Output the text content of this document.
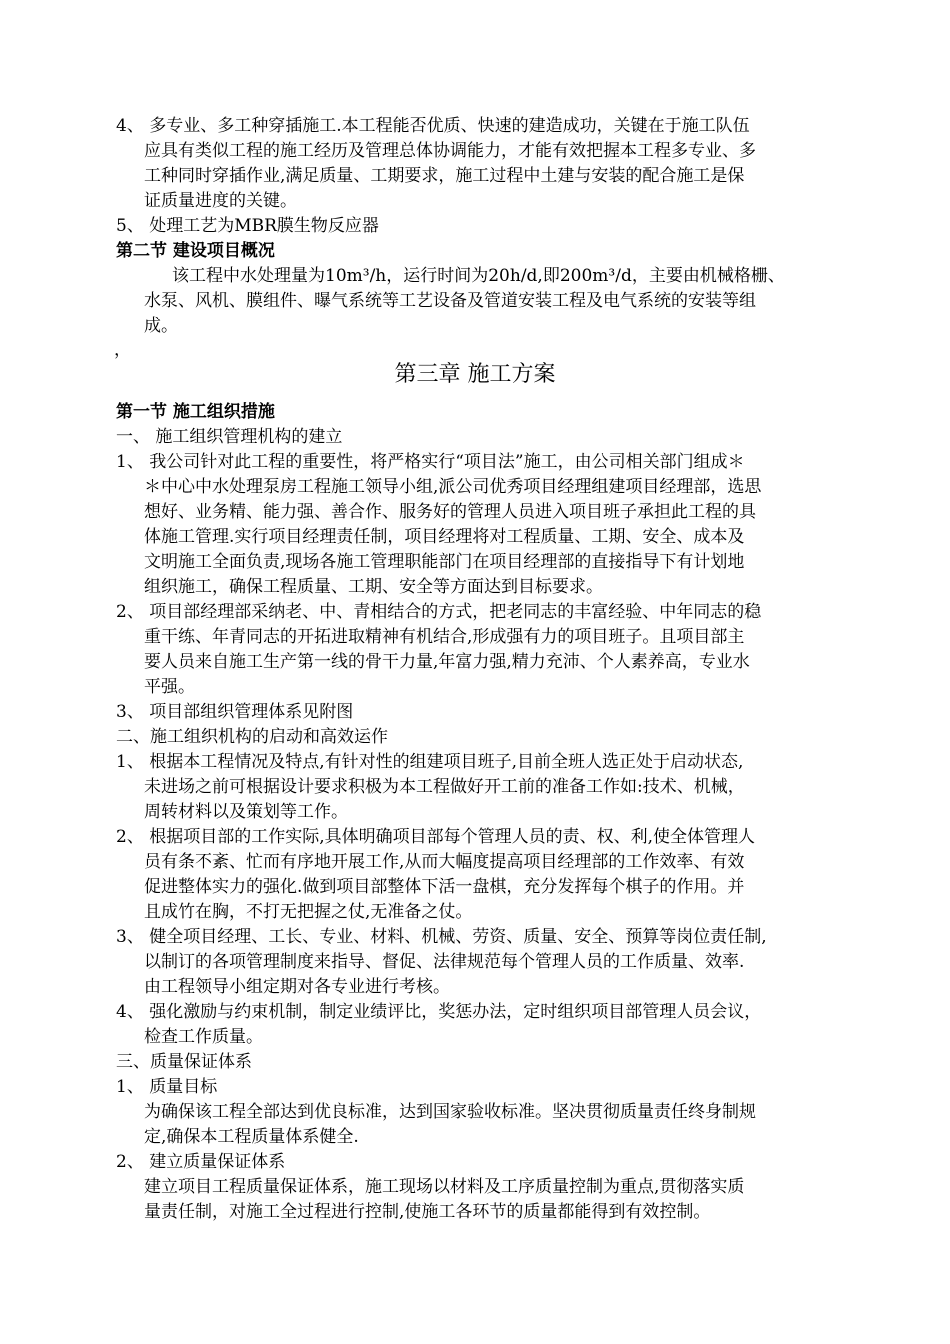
第三章 施工方案
4、 多专业、多工种穿插施工.本工程能否优质、快速的建造成功，关键在于施工队伍
应具有类似工程的施工经历及管理总体协调能力，才能有效把握本工程多专业、多
工种同时穿插作业,满足质量、工期要求，施工过程中土建与安装的配合施工是保
证质量进度的关键。
5、 处理工艺为MBR膜生物反应器
第二节 建设项目概况
该工程中水处理量为10m³/h，运行时间为20h/d,即200m³/d，主要由机械格栅、
水泵、风机、膜组件、曝气系统等工艺设备及管道安装工程及电气系统的安装等组
成。
，
第一节 施工组织措施
一、 施工组织管理机构的建立
1、 我公司针对此工程的重要性，将严格实行“项目法”施工，由公司相关部门组成＊
＊中心中水处理泵房工程施工领导小组,派公司优秀项目经理组建项目经理部，选思
想好、业务精、能力强、善合作、服务好的管理人员进入项目班子承担此工程的具
体施工管理.实行项目经理责任制，项目经理将对工程质量、工期、安全、成本及
文明施工全面负责,现场各施工管理职能部门在项目经理部的直接指导下有计划地
组织施工，确保工程质量、工期、安全等方面达到目标要求。
2、 项目部经理部采纳老、中、青相结合的方式，把老同志的丰富经验、中年同志的稳
重干练、年青同志的开拓进取精神有机结合,形成强有力的项目班子。且项目部主
要人员来自施工生产第一线的骨干力量,年富力强,精力充沛、个人素养高，专业水
平强。
3、 项目部组织管理体系见附图
二、施工组织机构的启动和高效运作
1、 根据本工程情况及特点,有针对性的组建项目班子,目前全班人选正处于启动状态,
未进场之前可根据设计要求积极为本工程做好开工前的准备工作如:技术、机械，
周转材料以及策划等工作。
2、 根据项目部的工作实际,具体明确项目部每个管理人员的责、权、利,使全体管理人
员有条不紊、忙而有序地开展工作,从而大幅度提高项目经理部的工作效率、有效
促进整体实力的强化.做到项目部整体下活一盘棋，充分发挥每个棋子的作用。并
且成竹在胸，不打无把握之仗,无准备之仗。
3、 健全项目经理、工长、专业、材料、机械、劳资、质量、安全、预算等岗位责任制,
以制订的各项管理制度来指导、督促、法律规范每个管理人员的工作质量、效率.
由工程领导小组定期对各专业进行考核。
4、 强化激励与约束机制，制定业绩评比，奖惩办法，定时组织项目部管理人员会议，
检查工作质量。
三、质量保证体系
1、 质量目标
为确保该工程全部达到优良标准，达到国家验收标准。坚决贯彻质量责任终身制规
定,确保本工程质量体系健全.
2、 建立质量保证体系
建立项目工程质量保证体系，施工现场以材料及工序质量控制为重点,贯彻落实质
量责任制，对施工全过程进行控制,使施工各环节的质量都能得到有效控制。
